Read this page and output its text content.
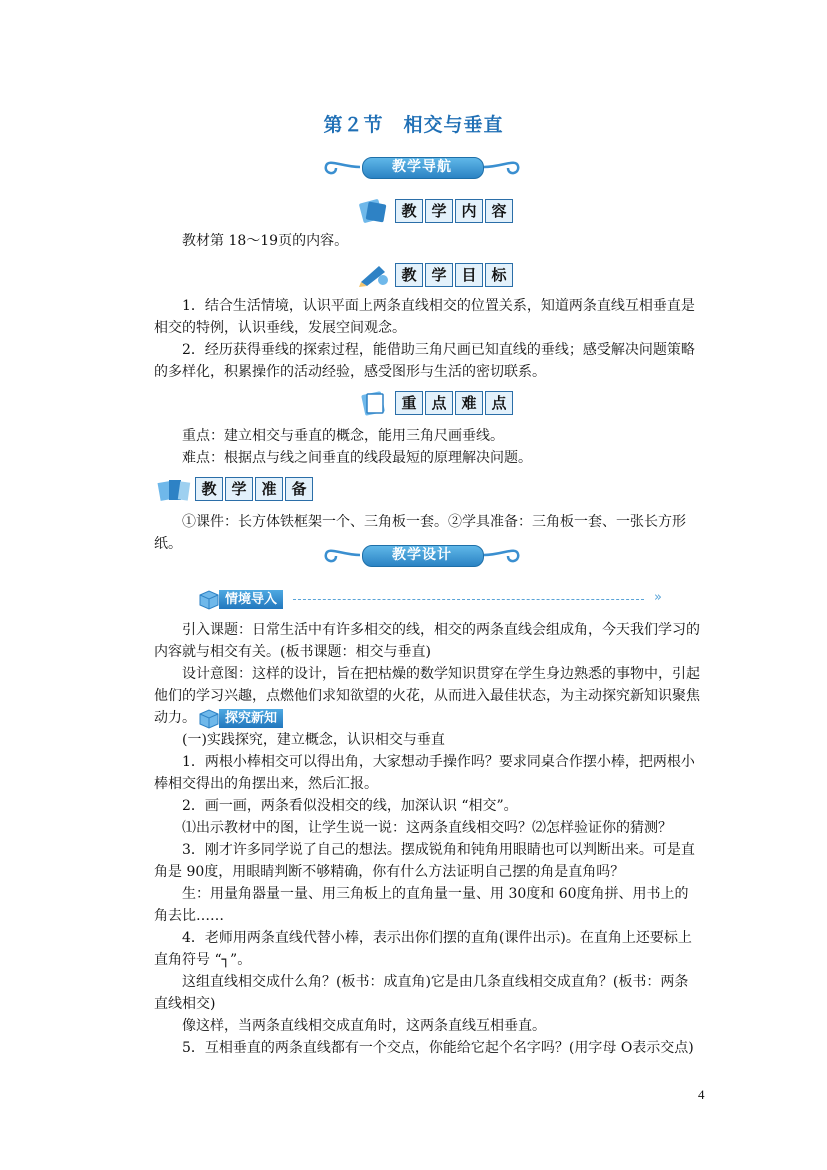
第２节　相交与垂直
教学导航
教 学 内 容
教材第 18～19页的内容。
教 学 目 标
1．结合生活情境，认识平面上两条直线相交的位置关系，知道两条直线互相垂直是相交的特例，认识垂线，发展空间观念。
2．经历获得垂线的探索过程，能借助三角尺画已知直线的垂线；感受解决问题策略的多样化，积累操作的活动经验，感受图形与生活的密切联系。
重 点 难 点
重点：建立相交与垂直的概念，能用三角尺画垂线。
难点：根据点与线之间垂直的线段最短的原理解决问题。
教 学 准 备
①课件：长方体铁框架一个、三角板一套。②学具准备：三角板一套、一张长方形纸。
教学设计
情境导入	»
引入课题：日常生活中有许多相交的线，相交的两条直线会组成角，今天我们学习的内容就与相交有关。(板书课题：相交与垂直)
设计意图：这样的设计，旨在把枯燥的数学知识贯穿在学生身边熟悉的事物中，引起他们的学习兴趣，点燃他们求知欲望的火花，从而进入最佳状态，为主动探究新知识聚焦动力。	探究新知
(一)实践探究，建立概念，认识相交与垂直
1．两根小棒相交可以得出角，大家想动手操作吗？要求同桌合作摆小棒，把两根小棒相交得出的角摆出来，然后汇报。
2．画一画，两条看似没相交的线，加深认识 “相交”。
⑴出示教材中的图，让学生说一说：这两条直线相交吗？⑵怎样验证你的猜测？
3．刚才许多同学说了自己的想法。摆成锐角和钝角用眼睛也可以判断出来。可是直角是 90度，用眼睛判断不够精确，你有什么方法证明自己摆的角是直角吗？
生：用量角器量一量、用三角板上的直角量一量、用 30度和 60度角拼、用书上的角去比……
4．老师用两条直线代替小棒，表示出你们摆的直角(课件出示)。在直角上还要标上直角符号 “┐”。
这组直线相交成什么角？(板书：成直角)它是由几条直线相交成直角？(板书：两条直线相交)
像这样，当两条直线相交成直角时，这两条直线互相垂直。
5．互相垂直的两条直线都有一个交点，你能给它起个名字吗？(用字母 O表示交点)
4
